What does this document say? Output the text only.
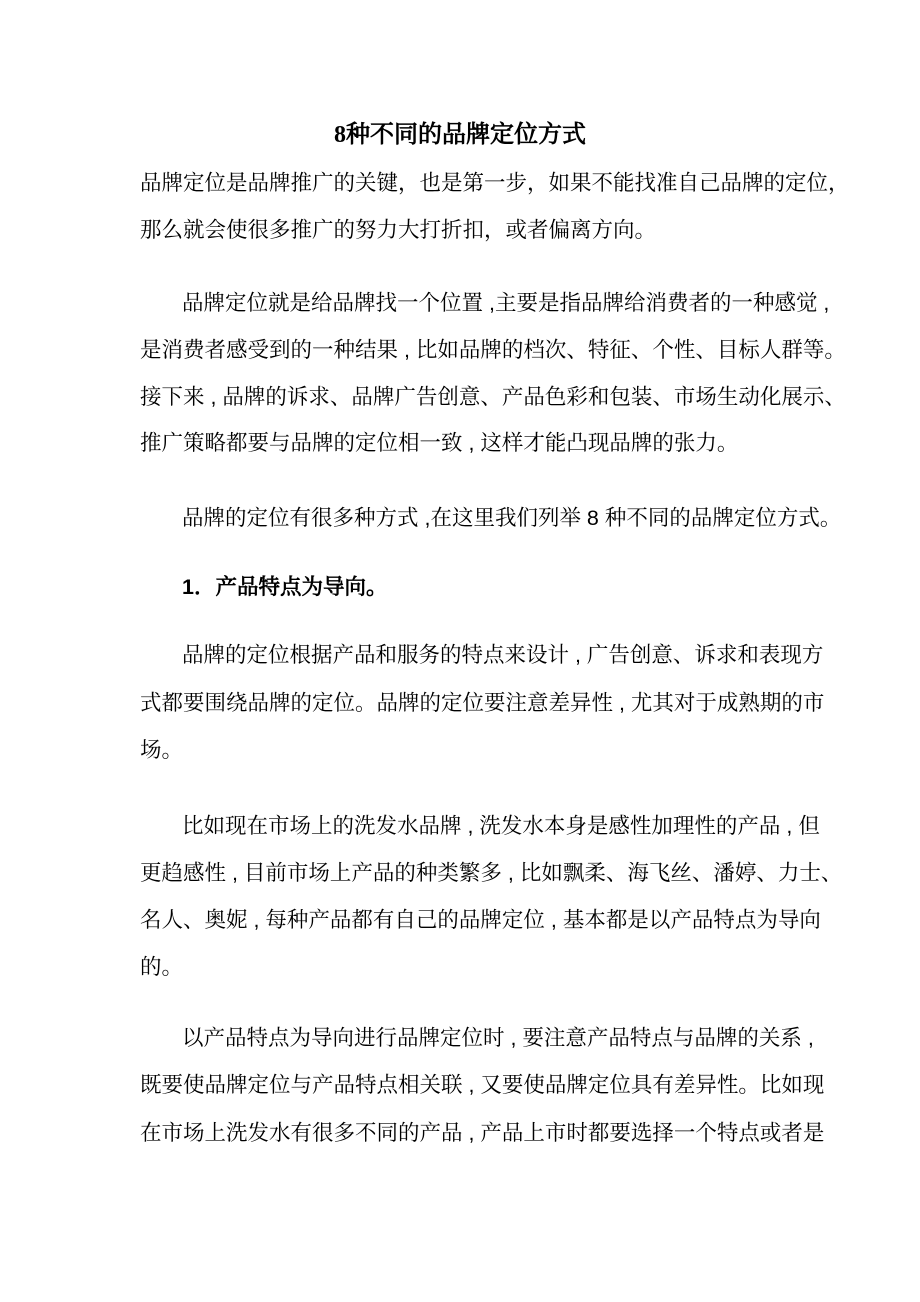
8种不同的品牌定位方式
品牌定位是品牌推广的关键，也是第一步，如果不能找准自己品牌的定位，
那么就会使很多推广的努力大打折扣，或者偏离方向。
品牌定位就是给品牌找一个位置 ,主要是指品牌给消费者的一种感觉 ,
是消费者感受到的一种结果 , 比如品牌的档次、特征、个性、目标人群等。
接下来 , 品牌的诉求、品牌广告创意、产品色彩和包装、市场生动化展示、
推广策略都要与品牌的定位相一致 , 这样才能凸现品牌的张力。
品牌的定位有很多种方式 ,在这里我们列举 8 种不同的品牌定位方式。
1．产品特点为导向。
品牌的定位根据产品和服务的特点来设计 , 广告创意、诉求和表现方
式都要围绕品牌的定位。品牌的定位要注意差异性 , 尤其对于成熟期的市
场。
比如现在市场上的洗发水品牌 , 洗发水本身是感性加理性的产品 , 但
更趋感性 , 目前市场上产品的种类繁多 , 比如飘柔、海飞丝、潘婷、力士、
名人、奥妮 , 每种产品都有自己的品牌定位 , 基本都是以产品特点为导向
的。
以产品特点为导向进行品牌定位时 , 要注意产品特点与品牌的关系 ,
既要使品牌定位与产品特点相关联 , 又要使品牌定位具有差异性。比如现
在市场上洗发水有很多不同的产品 , 产品上市时都要选择一个特点或者是
